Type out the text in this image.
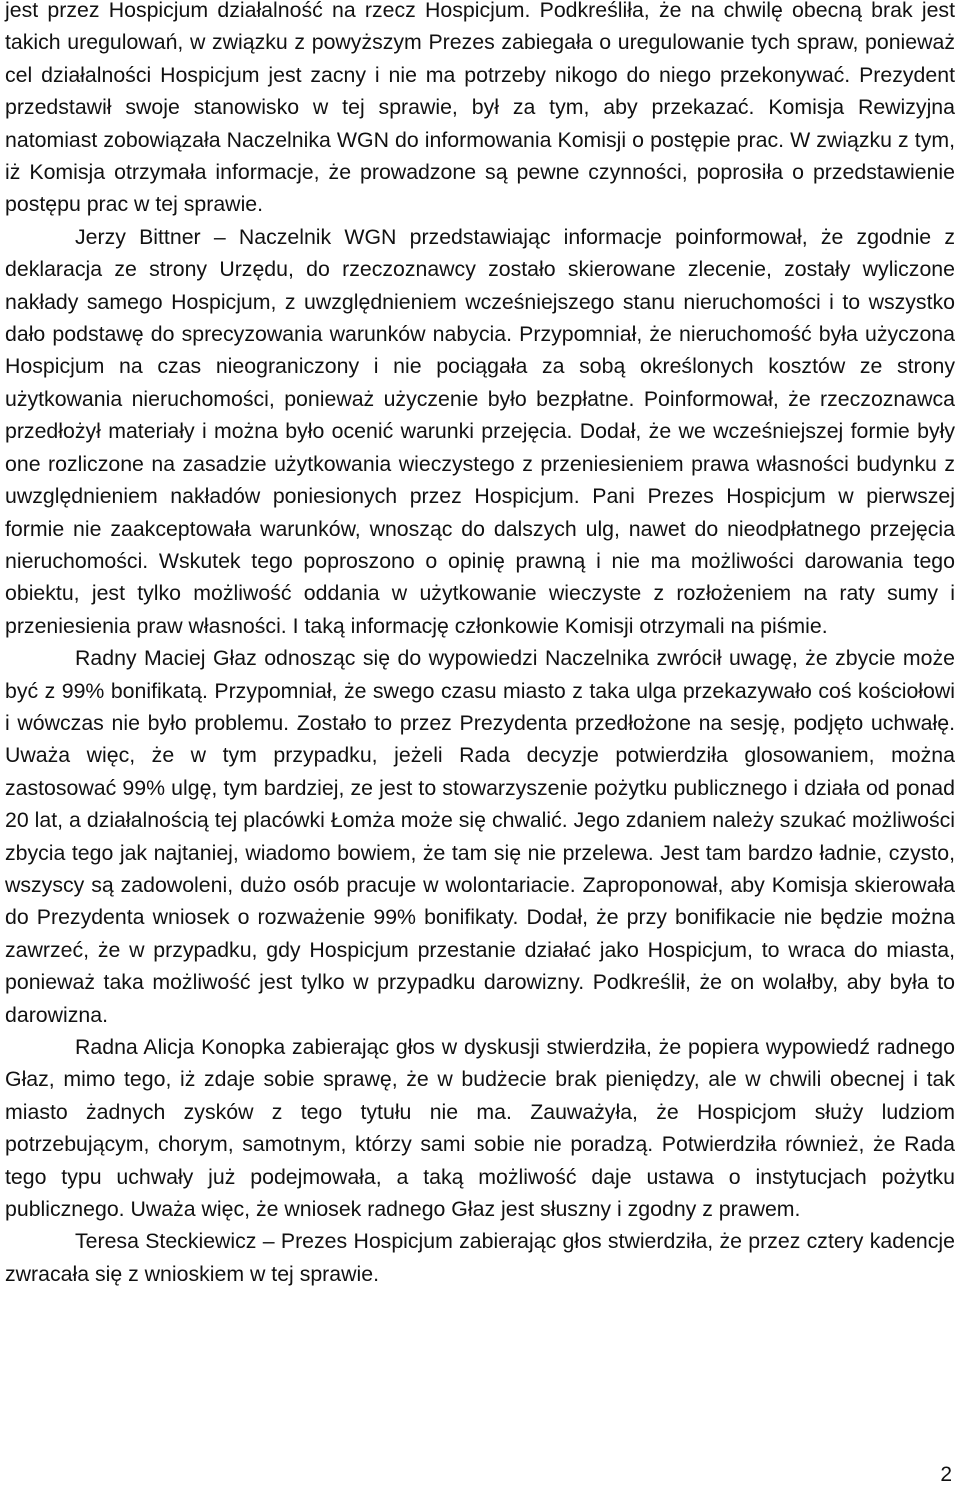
jest przez Hospicjum działalność na rzecz Hospicjum. Podkreśliła, że na chwilę obecną brak jest takich uregulowań, w związku z powyższym Prezes zabiegała o uregulowanie tych spraw, ponieważ cel działalności Hospicjum jest zacny i nie ma potrzeby nikogo do niego przekonywać. Prezydent przedstawił swoje stanowisko w tej sprawie, był za tym, aby przekazać. Komisja Rewizyjna natomiast zobowiązała Naczelnika WGN do informowania Komisji o postępie prac. W związku z tym, iż Komisja otrzymała informacje, że prowadzone są pewne czynności, poprosiła o przedstawienie postępu prac w tej sprawie.

Jerzy Bittner – Naczelnik WGN przedstawiając informacje poinformował, że zgodnie z deklaracja ze strony Urzędu, do rzeczoznawcy zostało skierowane zlecenie, zostały wyliczone nakłady samego Hospicjum, z uwzględnieniem wcześniejszego stanu nieruchomości i to wszystko dało podstawę do sprecyzowania warunków nabycia. Przypomniał, że nieruchomość była użyczona Hospicjum na czas nieograniczony i nie pociągała za sobą określonych kosztów ze strony użytkowania nieruchomości, ponieważ użyczenie było bezpłatne. Poinformował, że rzeczoznawca przedłożył materiały i można było ocenić warunki przejęcia. Dodał, że we wcześniejszej formie były one rozliczone na zasadzie użytkowania wieczystego z przeniesieniem prawa własności budynku z uwzględnieniem nakładów poniesionych przez Hospicjum. Pani Prezes Hospicjum w pierwszej formie nie zaakceptowała warunków, wnosząc do dalszych ulg, nawet do nieodpłatnego przejęcia nieruchomości. Wskutek tego poproszono o opinię prawną i nie ma możliwości darowania tego obiektu, jest tylko możliwość oddania w użytkowanie wieczyste z rozłożeniem na raty sumy i przeniesienia praw własności. I taką informację członkowie Komisji otrzymali na piśmie.

Radny Maciej Głaz odnosząc się do wypowiedzi Naczelnika zwrócił uwagę, że zbycie może być z 99% bonifikatą. Przypomniał, że swego czasu miasto z taka ulga przekazywało coś kościołowi i wówczas nie było problemu. Zostało to przez Prezydenta przedłożone na sesję, podjęto uchwałę. Uważa więc, że w tym przypadku, jeżeli Rada decyzje potwierdziła glosowaniem, można zastosować 99% ulgę, tym bardziej, ze jest to stowarzyszenie pożytku publicznego i działa od ponad 20 lat, a działalnością tej placówki Łomża może się chwalić. Jego zdaniem należy szukać możliwości zbycia tego jak najtaniej, wiadomo bowiem, że tam się nie przelewa. Jest tam bardzo ładnie, czysto, wszyscy są zadowoleni, dużo osób pracuje w wolontariacie. Zaproponował, aby Komisja skierowała do Prezydenta wniosek o rozważenie 99% bonifikaty. Dodał, że przy bonifikacie nie będzie można zawrzeć, że w przypadku, gdy Hospicjum przestanie działać jako Hospicjum, to wraca do miasta, ponieważ taka możliwość jest tylko w przypadku darowizny. Podkreślił, że on wolałby, aby była to darowizna.

Radna Alicja Konopka zabierając głos w dyskusji stwierdziła, że popiera wypowiedź radnego Głaz, mimo tego, iż zdaje sobie sprawę, że w budżecie brak pieniędzy, ale w chwili obecnej i tak miasto żadnych zysków z tego tytułu nie ma. Zauważyła, że Hospicjom służy ludziom potrzebującym, chorym, samotnym, którzy sami sobie nie poradzą. Potwierdziła również, że Rada tego typu uchwały już podejmowała, a taką możliwość daje ustawa o instytucjach pożytku publicznego. Uważa więc, że wniosek radnego Głaz jest słuszny i zgodny z prawem.

Teresa Steckiewicz – Prezes Hospicjum zabierając głos stwierdziła, że przez cztery kadencje zwracała się z wnioskiem w tej sprawie.

2
